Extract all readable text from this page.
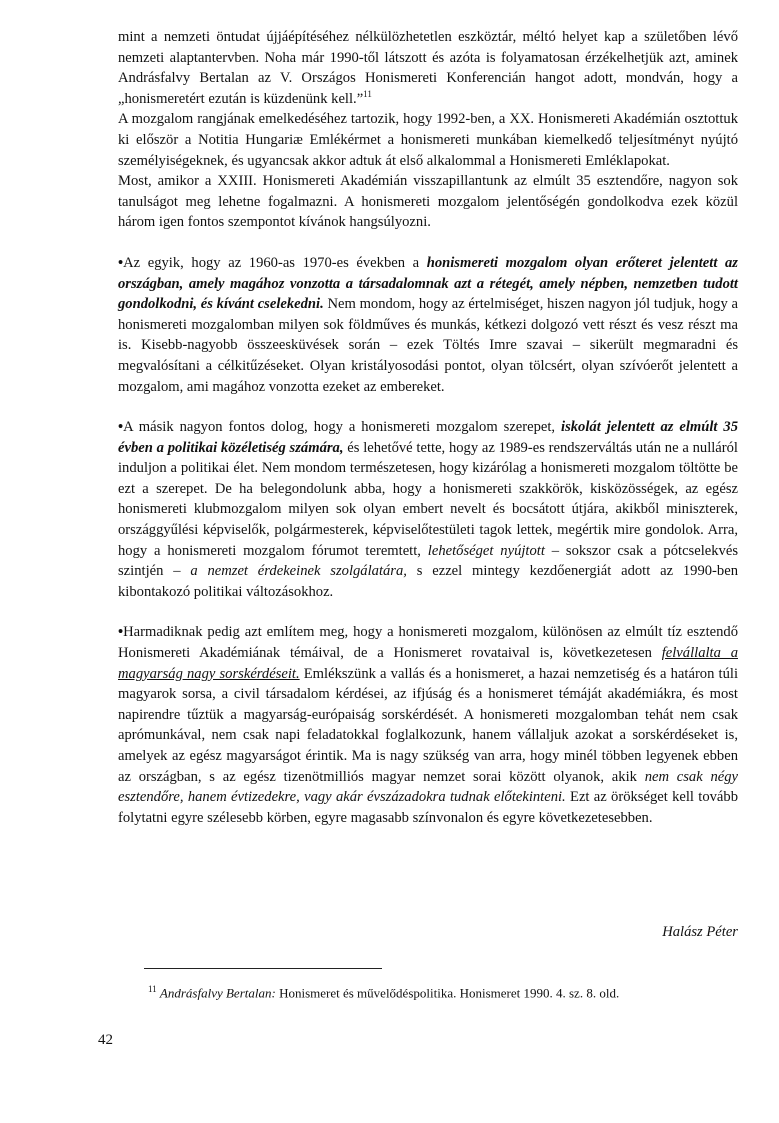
mint a nemzeti öntudat újjáépítéséhez nélkülözhetetlen eszköztár, méltó helyet kap a születőben lévő nemzeti alaptantervben. Noha már 1990-től látszott és azóta is folyamatosan érzékelhetjük azt, aminek Andrásfalvy Bertalan az V. Országos Honismereti Konferencián hangot adott, mondván, hogy a „honismeretért ezután is küzdenünk kell.”$^{11}$

A mozgalom rangjának emelkedéséhez tartozik, hogy 1992-ben, a XX. Honismereti Akadémián osztottuk ki először a Notitia Hungariæ Emlékérmet a honismereti munkában kiemelkedő teljesítményt nyújtó személyiségeknek, és ugyancsak akkor adtuk át első alkalommal a Honismereti Emléklapokat.

Most, amikor a XXIII. Honismereti Akadémián visszapillantunk az elmúlt 35 esztendőre, nagyon sok tanulságot meg lehetne fogalmazni. A honismereti mozgalom jelentőségén gondolkodva ezek közül három igen fontos szempontot kívánok hangsúlyozni.

•Az egyik, hogy az 1960-as 1970-es években a honismereti mozgalom olyan erőteret jelentett az országban, amely magához vonzotta a társadalomnak azt a rétegét, amely népben, nemzetben tudott gondolkodni, és kívánt cselekedni. Nem mondom, hogy az értelmiséget, hiszen nagyon jól tudjuk, hogy a honismereti mozgalomban milyen sok földműves és munkás, kétkezi dolgozó vett részt és vesz részt ma is. Kisebb-nagyobb összeesküvések során – ezek Töltés Imre szavai – sikerült megmaradni és megvalósítani a célkitűzéseket. Olyan kristályosodási pontot, olyan tölcsért, olyan szívóerőt jelentett a mozgalom, ami magához vonzotta ezeket az embereket.

•A másik nagyon fontos dolog, hogy a honismereti mozgalom szerepet, iskolát jelentett az elmúlt 35 évben a politikai közéletiség számára, és lehetővé tette, hogy az 1989-es rendszerváltás után ne a nulláról induljon a politikai élet. Nem mondom természetesen, hogy kizárólag a honismereti mozgalom töltötte be ezt a szerepet. De ha belegondolunk abba, hogy a honismereti szakkörök, kisközösségek, az egész honismereti klubmozgalom milyen sok olyan embert nevelt és bocsátott útjára, akikből miniszterek, országgyűlési képviselők, polgármesterek, képviselőtestületi tagok lettek, megértik mire gondolok. Arra, hogy a honismereti mozgalom fórumot teremtett, lehetőséget nyújtott – sokszor csak a pótcselekvés szintjén – a nemzet érdekeinek szolgálatára, s ezzel mintegy kezdőenergiát adott az 1990-ben kibontakozó politikai változásokhoz.

•Harmadiknak pedig azt említem meg, hogy a honismereti mozgalom, különösen az elmúlt tíz esztendő Honismereti Akadémiának témáival, de a Honismeret rovataival is, következetesen felvállalta a magyarság nagy sorskérdéseit. Emlékszünk a vallás és a honismeret, a hazai nemzetiség és a határon túli magyarok sorsa, a civil társadalom kérdései, az ifjúság és a honismeret témáját akadémiákra, és most napirendre tűztük a magyarság-európaiság sorskérdését. A honismereti mozgalomban tehát nem csak aprómunkával, nem csak napi feladatokkal foglalkozunk, hanem vállaljuk azokat a sorskérdéseket is, amelyek az egész magyarságot érintik. Ma is nagy szükség van arra, hogy minél többen legyenek ebben az országban, s az egész tizenötmilliós magyar nemzet sorai között olyanok, akik nem csak négy esztendőre, hanem évtizedekre, vagy akár évszázadokra tudnak előtekinteni. Ezt az örökséget kell tovább folytatni egyre szélesebb körben, egyre magasabb színvonalon és egyre következetesebben.

Halász Péter
$^{11}$ Andrásfalvy Bertalan: Honismeret és művelődéspolitika. Honismeret 1990. 4. sz. 8. old.
42
